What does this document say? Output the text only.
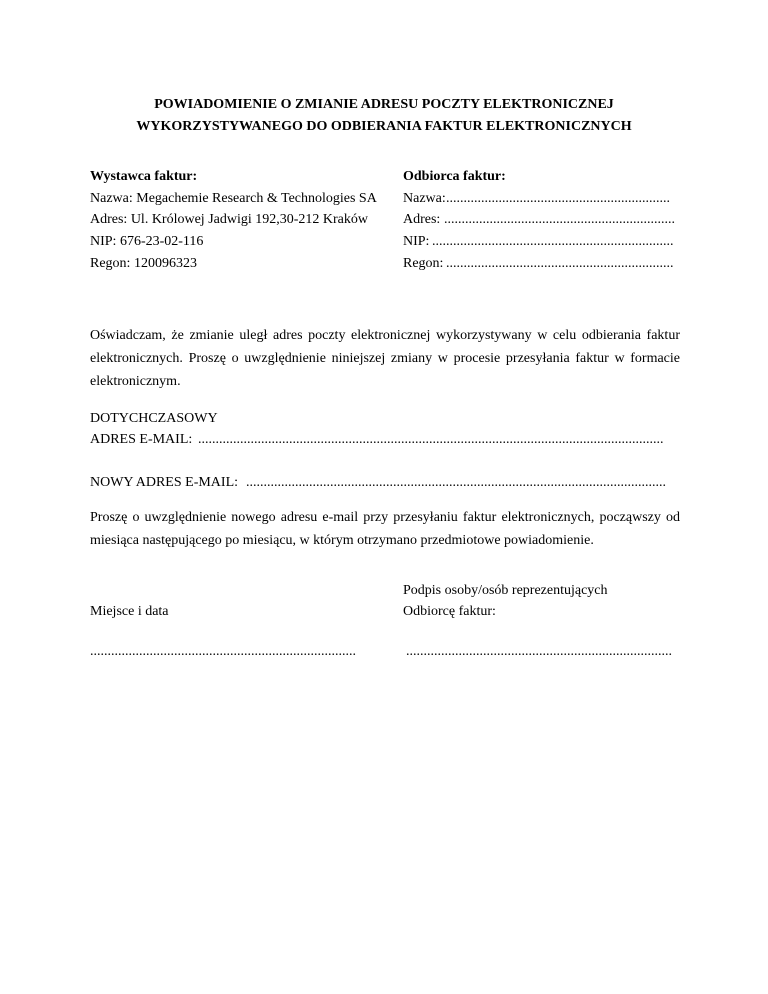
POWIADOMIENIE O ZMIANIE ADRESU POCZTY ELEKTRONICZNEJ
WYKORZYSTYWANEGO DO ODBIERANIA FAKTUR ELEKTRONICZNYCH
Wystawca faktur:
Nazwa: Megachemie Research & Technologies SA
Adres: Ul. Królowej Jadwigi 192,30-212 Kraków
NIP: 676-23-02-116
Regon: 120096323
Odbiorca faktur:
Nazwa: ................................................................
Adres: ..................................................................
NIP: .....................................................................
Regon: .................................................................
Oświadczam, że zmianie uległ adres poczty elektronicznej wykorzystywany w celu odbierania faktur
elektronicznych. Proszę o uwzględnienie niniejszej zmiany w procesie przesyłania faktur w formacie
elektronicznym.
DOTYCHCZASOWY
ADRES E-MAIL: .....................................................................................................................................
NOWY ADRES E-MAIL: ........................................................................................................................
Proszę o uwzględnienie nowego adresu e-mail przy przesyłaniu faktur elektronicznych, począwszy od
miesiąca następującego po miesiącu, w którym otrzymano przedmiotowe powiadomienie.
Podpis osoby/osób reprezentujących
Odbiorcę faktur:
Miejsce i data
............................................................................	............................................................................
